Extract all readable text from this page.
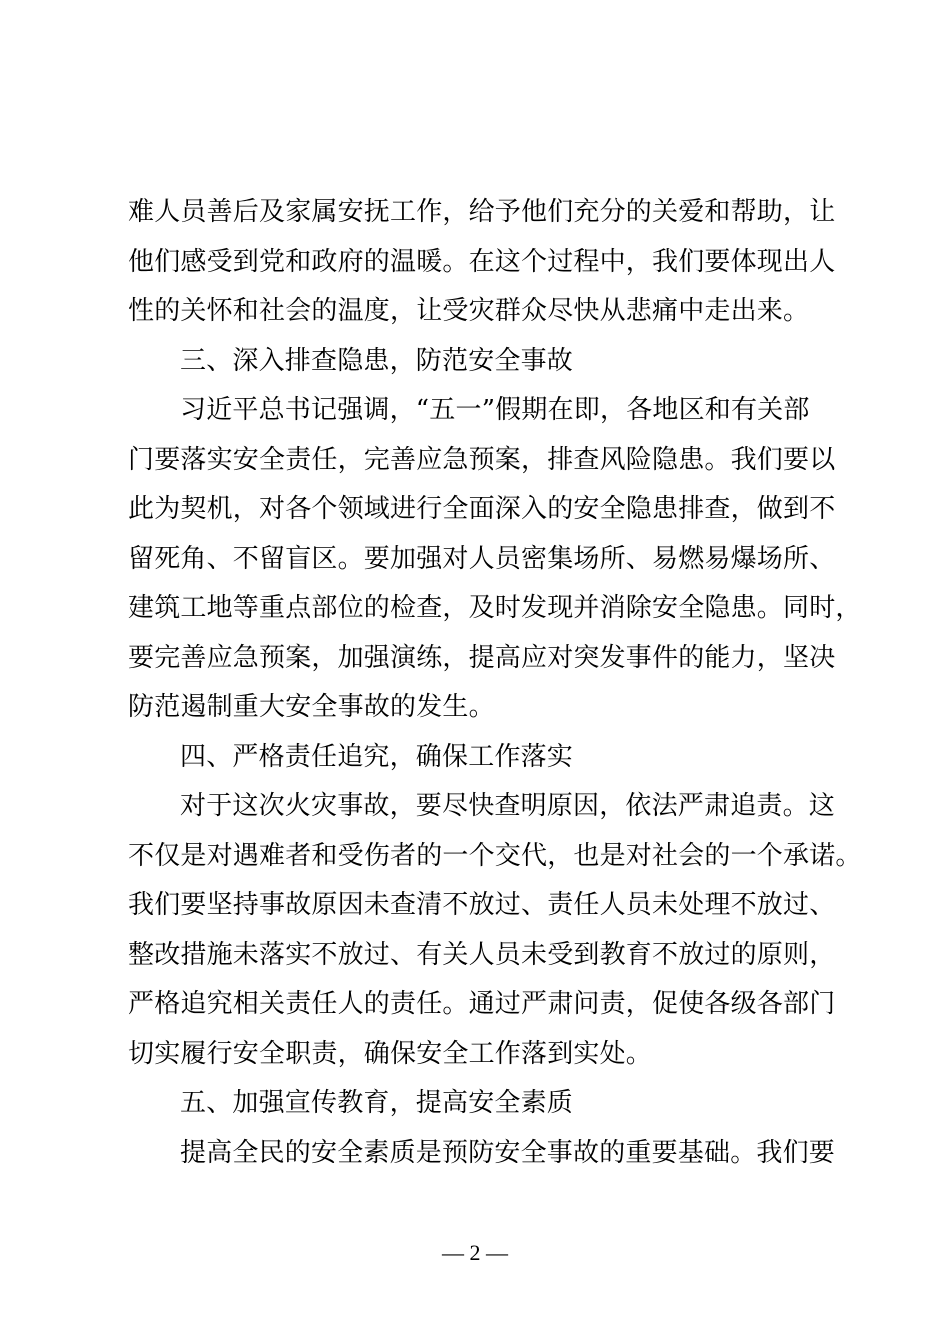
难人员善后及家属安抚工作，给予他们充分的关爱和帮助，让
他们感受到党和政府的温暖。在这个过程中，我们要体现出人
性的关怀和社会的温度，让受灾群众尽快从悲痛中走出来。
三、深入排查隐患，防范安全事故
习近平总书记强调，“五一”假期在即，各地区和有关部
门要落实安全责任，完善应急预案，排查风险隐患。我们要以
此为契机，对各个领域进行全面深入的安全隐患排查，做到不
留死角、不留盲区。要加强对人员密集场所、易燃易爆场所、
建筑工地等重点部位的检查，及时发现并消除安全隐患。同时，
要完善应急预案，加强演练，提高应对突发事件的能力，坚决
防范遏制重大安全事故的发生。
四、严格责任追究，确保工作落实
对于这次火灾事故，要尽快查明原因，依法严肃追责。这
不仅是对遇难者和受伤者的一个交代，也是对社会的一个承诺。
我们要坚持事故原因未查清不放过、责任人员未处理不放过、
整改措施未落实不放过、有关人员未受到教育不放过的原则，
严格追究相关责任人的责任。通过严肃问责，促使各级各部门
切实履行安全职责，确保安全工作落到实处。
五、加强宣传教育，提高安全素质
提高全民的安全素质是预防安全事故的重要基础。我们要
— 2 —
